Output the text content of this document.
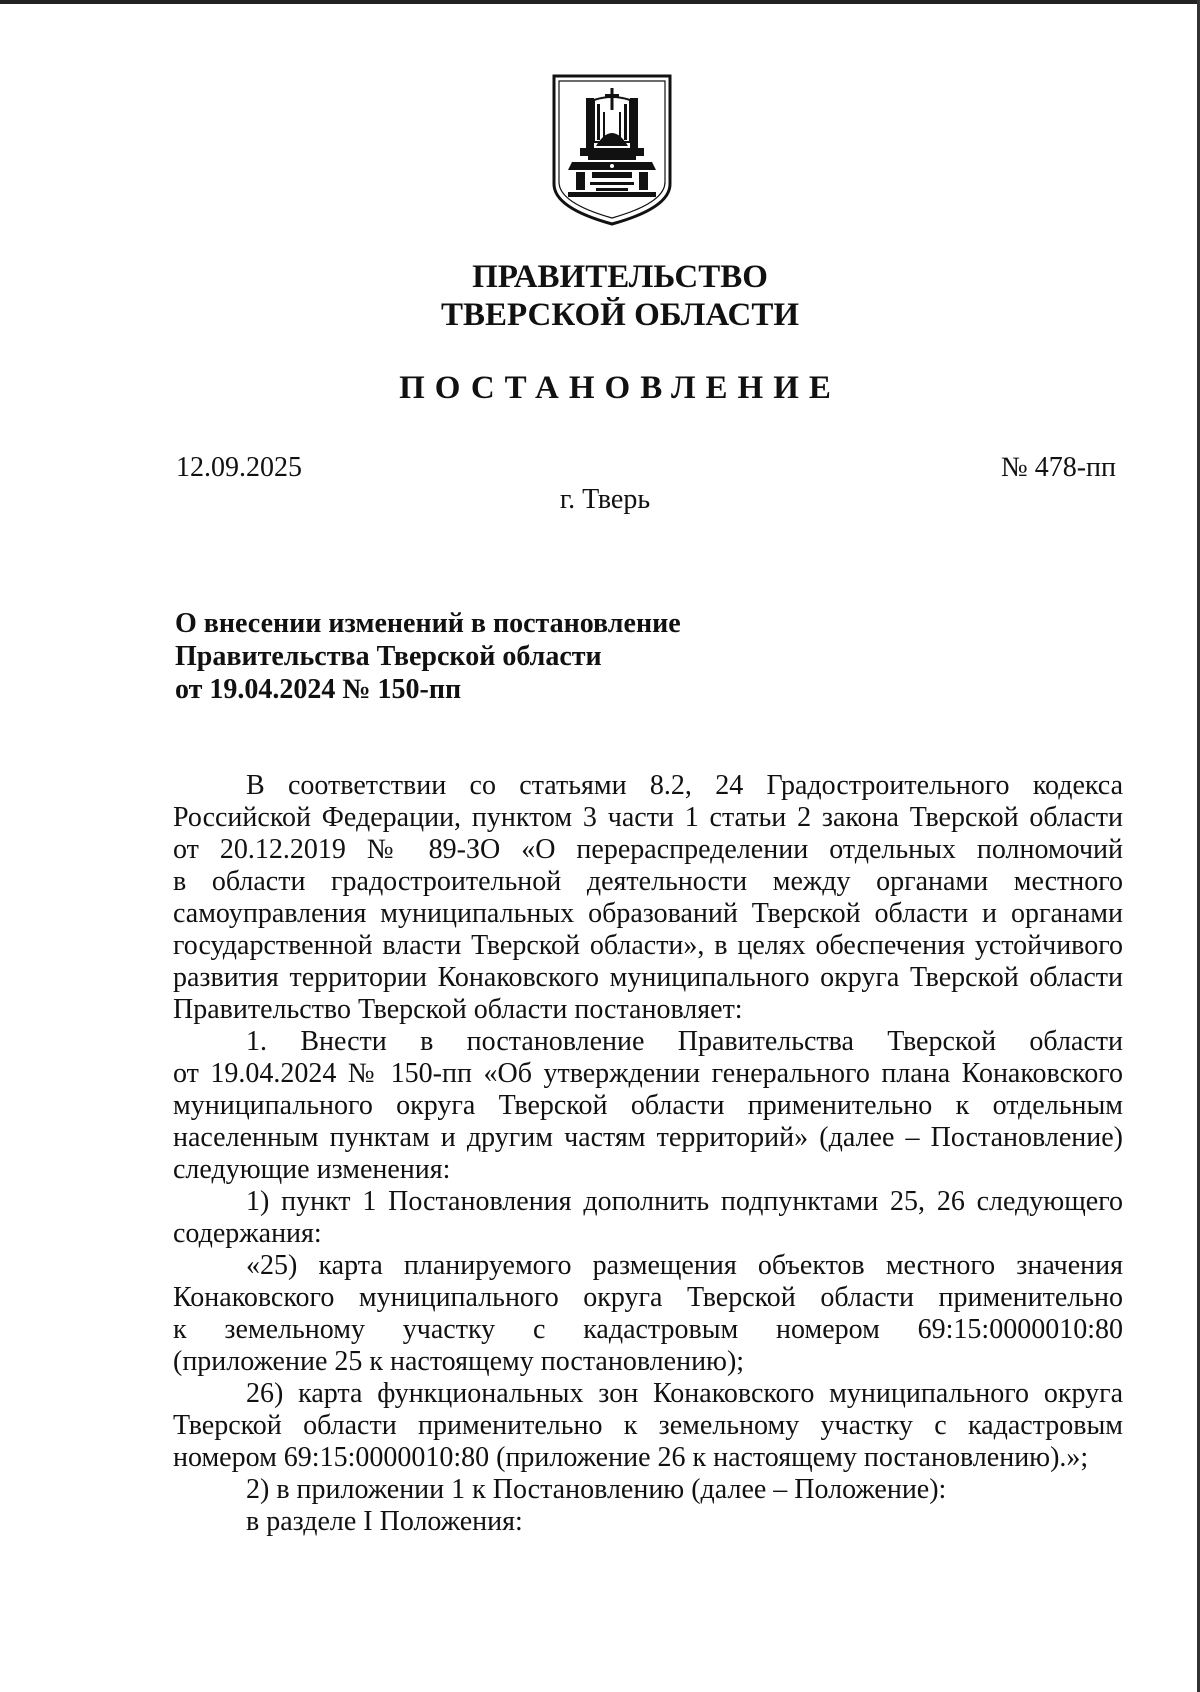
ПРАВИТЕЛЬСТВО
ТВЕРСКОЙ ОБЛАСТИ
ПОСТАНОВЛЕНИЕ
12.09.2025	№ 478-пп
г. Тверь
О внесении изменений в постановление
Правительства Тверской области
от 19.04.2024 № 150-пп
В соответствии со статьями 8.2, 24 Градостроительного кодекса
Российской Федерации, пунктом 3 части 1 статьи 2 закона Тверской области
от 20.12.2019 № 89-ЗО «О перераспределении отдельных полномочий
в области градостроительной деятельности между органами местного
самоуправления муниципальных образований Тверской области и органами
государственной власти Тверской области», в целях обеспечения устойчивого
развития территории Конаковского муниципального округа Тверской области
Правительство Тверской области постановляет:
1. Внести в постановление Правительства Тверской области
от 19.04.2024 № 150-пп «Об утверждении генерального плана Конаковского
муниципального округа Тверской области применительно к отдельным
населенным пунктам и другим частям территорий» (далее – Постановление)
следующие изменения:
1) пункт 1 Постановления дополнить подпунктами 25, 26 следующего
содержания:
«25) карта планируемого размещения объектов местного значения
Конаковского муниципального округа Тверской области применительно
к земельному участку с кадастровым номером 69:15:0000010:80
(приложение 25 к настоящему постановлению);
26) карта функциональных зон Конаковского муниципального округа
Тверской области применительно к земельному участку с кадастровым
номером 69:15:0000010:80 (приложение 26 к настоящему постановлению).»;
2) в приложении 1 к Постановлению (далее – Положение):
в разделе I Положения:
